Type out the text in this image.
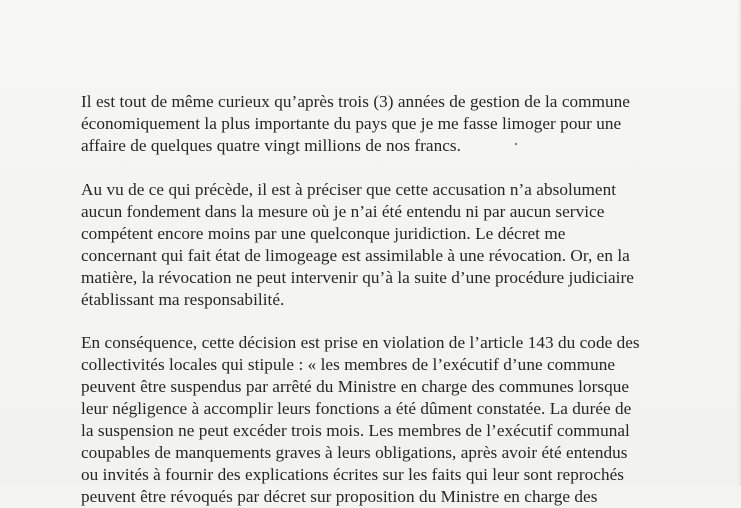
Il est tout de même curieux qu’après trois (3) années de gestion de la commune
économiquement la plus importante du pays que je me fasse limoger pour une
affaire de quelques quatre vingt millions de nos francs.
Au vu de ce qui précède, il est à préciser que cette accusation n’a absolument
aucun fondement dans la mesure où je n’ai été entendu ni par aucun service
compétent encore moins par une quelconque juridiction. Le décret me
concernant qui fait état de limogeage est assimilable à une révocation. Or, en la
matière, la révocation ne peut intervenir qu’à la suite d’une procédure judiciaire
établissant ma responsabilité.
En conséquence, cette décision est prise en violation de l’article 143 du code des
collectivités locales qui stipule : « les membres de l’exécutif d’une commune
peuvent être suspendus par arrêté du Ministre en charge des communes lorsque
leur négligence à accomplir leurs fonctions a été dûment constatée. La durée de
la suspension ne peut excéder trois mois. Les membres de l’exécutif communal
coupables de manquements graves à leurs obligations, après avoir été entendus
ou invités à fournir des explications écrites sur les faits qui leur sont reprochés
peuvent être révoqués par décret sur proposition du Ministre en charge des
